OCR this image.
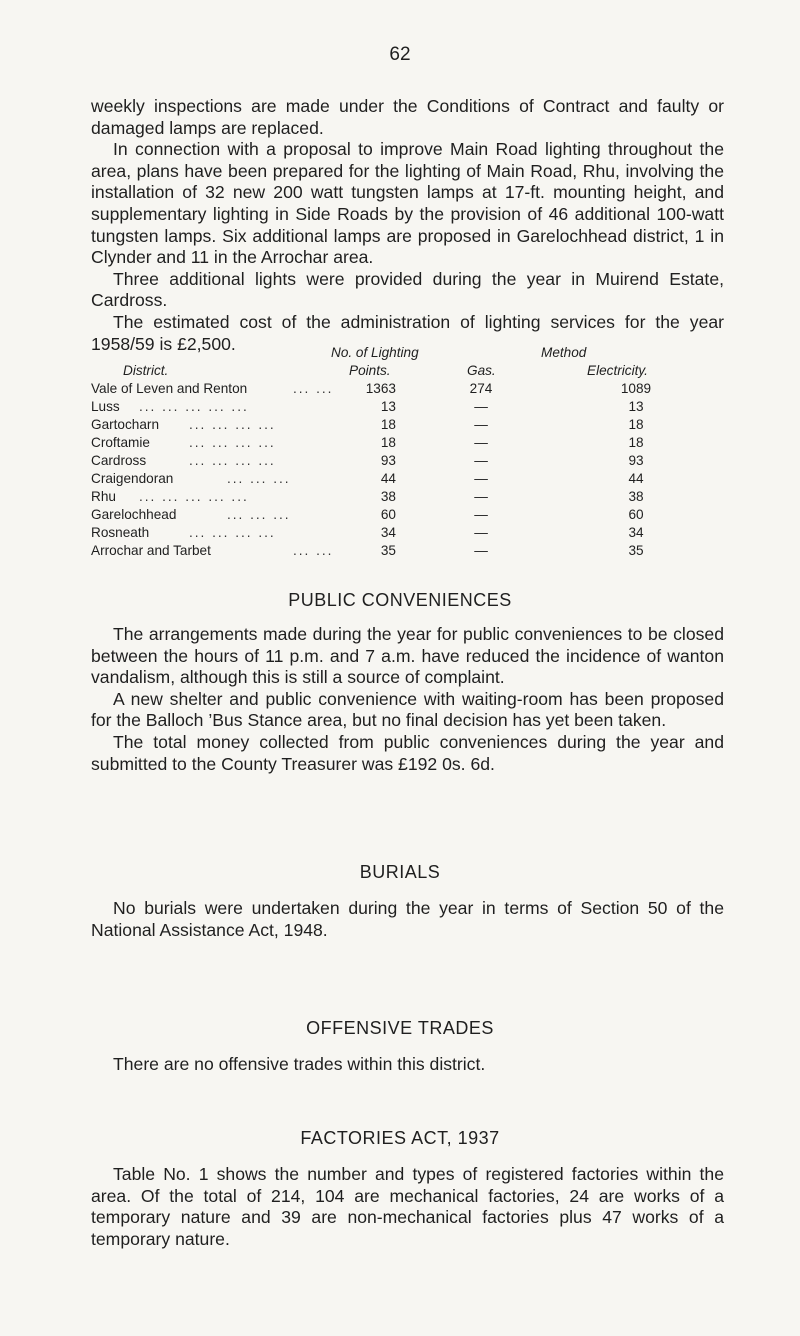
62

weekly inspections are made under the Conditions of Contract and faulty or damaged lamps are replaced.

In connection with a proposal to improve Main Road lighting throughout the area, plans have been prepared for the lighting of Main Road, Rhu, involving the installation of 32 new 200 watt tungsten lamps at 17-ft. mounting height, and supplementary lighting in Side Roads by the provision of 46 additional 100-watt tungsten lamps. Six additional lamps are proposed in Garelochhead district, 1 in Clynder and 11 in the Arrochar area.

Three additional lights were provided during the year in Muirend Estate, Cardross.

The estimated cost of the administration of lighting services for the year 1958/59 is £2,500.	No. of Lighting	Method
District.	Points.	Gas.	Electricity.
Vale of Leven and Renton	... ...	1363	274	1089
Luss ... ... ... ... ...	13	—	13
Gartocharn ... ... ... ...	18	—	18
Croftamie	... ... ... ...	18	—	18
Cardross	... ... ... ...	93	—	93
Craigendoran	... ... ...	44	—	44
Rhu ... ... ... ... ...	38	—	38
Garelochhead	... ... ...	60	—	60
Rosneath	... ... ... ...	34	—	34
Arrochar and Tarbet	... ...	35	—	35
PUBLIC CONVENIENCES

The arrangements made during the year for public conveniences to be closed between the hours of 11 p.m. and 7 a.m. have reduced the incidence of wanton vandalism, although this is still a source of complaint.

A new shelter and public convenience with waiting-room has been proposed for the Balloch ’Bus Stance area, but no final decision has yet been taken.

The total money collected from public conveniences during the year and submitted to the County Treasurer was £192 0s. 6d.

BURIALS

No burials were undertaken during the year in terms of Section 50 of the National Assistance Act, 1948.

OFFENSIVE TRADES

There are no offensive trades within this district.

FACTORIES ACT, 1937

Table No. 1 shows the number and types of registered factories within the area. Of the total of 214, 104 are mechanical factories, 24 are works of a temporary nature and 39 are non-mechanical factories plus 47 works of a temporary nature.
